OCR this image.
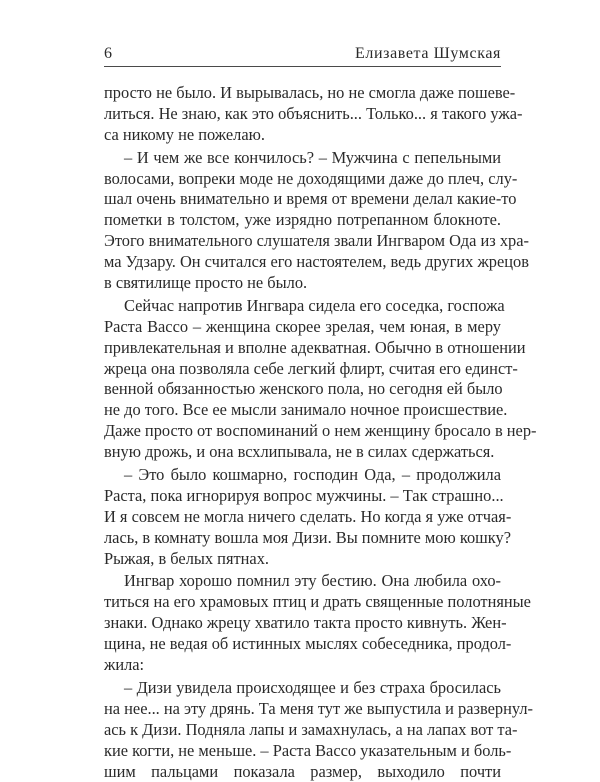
6	Елизавета Шумская
просто не было. И вырывалась, но не смогла даже пошеве-
литься. Не знаю, как это объяснить... Только... я такого ужа-
са никому не пожелаю.
– И чем же все кончилось? – Мужчина с пепельными
волосами, вопреки моде не доходящими даже до плеч, слу-
шал очень внимательно и время от времени делал какие-то
пометки в толстом, уже изрядно потрепанном блокноте.
Этого внимательного слушателя звали Ингваром Ода из хра-
ма Удзару. Он считался его настоятелем, ведь других жрецов
в святилище просто не было.
Сейчас напротив Ингвара сидела его соседка, госпожа
Раста Вассо – женщина скорее зрелая, чем юная, в меру
привлекательная и вполне адекватная. Обычно в отношении
жреца она позволяла себе легкий флирт, считая его единст-
венной обязанностью женского пола, но сегодня ей было
не до того. Все ее мысли занимало ночное происшествие.
Даже просто от воспоминаний о нем женщину бросало в нер-
вную дрожь, и она всхлипывала, не в силах сдержаться.
– Это было кошмарно, господин Ода, – продолжила
Раста, пока игнорируя вопрос мужчины. – Так страшно...
И я совсем не могла ничего сделать. Но когда я уже отчая-
лась, в комнату вошла моя Дизи. Вы помните мою кошку?
Рыжая, в белых пятнах.
Ингвар хорошо помнил эту бестию. Она любила охо-
титься на его храмовых птиц и драть священные полотняные
знаки. Однако жрецу хватило такта просто кивнуть. Жен-
щина, не ведая об истинных мыслях собеседника, продол-
жила:
– Дизи увидела происходящее и без страха бросилась
на нее... на эту дрянь. Та меня тут же выпустила и развернул-
ась к Дизи. Подняла лапы и замахнулась, а на лапах вот та-
кие когти, не меньше. – Раста Вассо указательным и боль-
шим пальцами показала размер, выходило почти
